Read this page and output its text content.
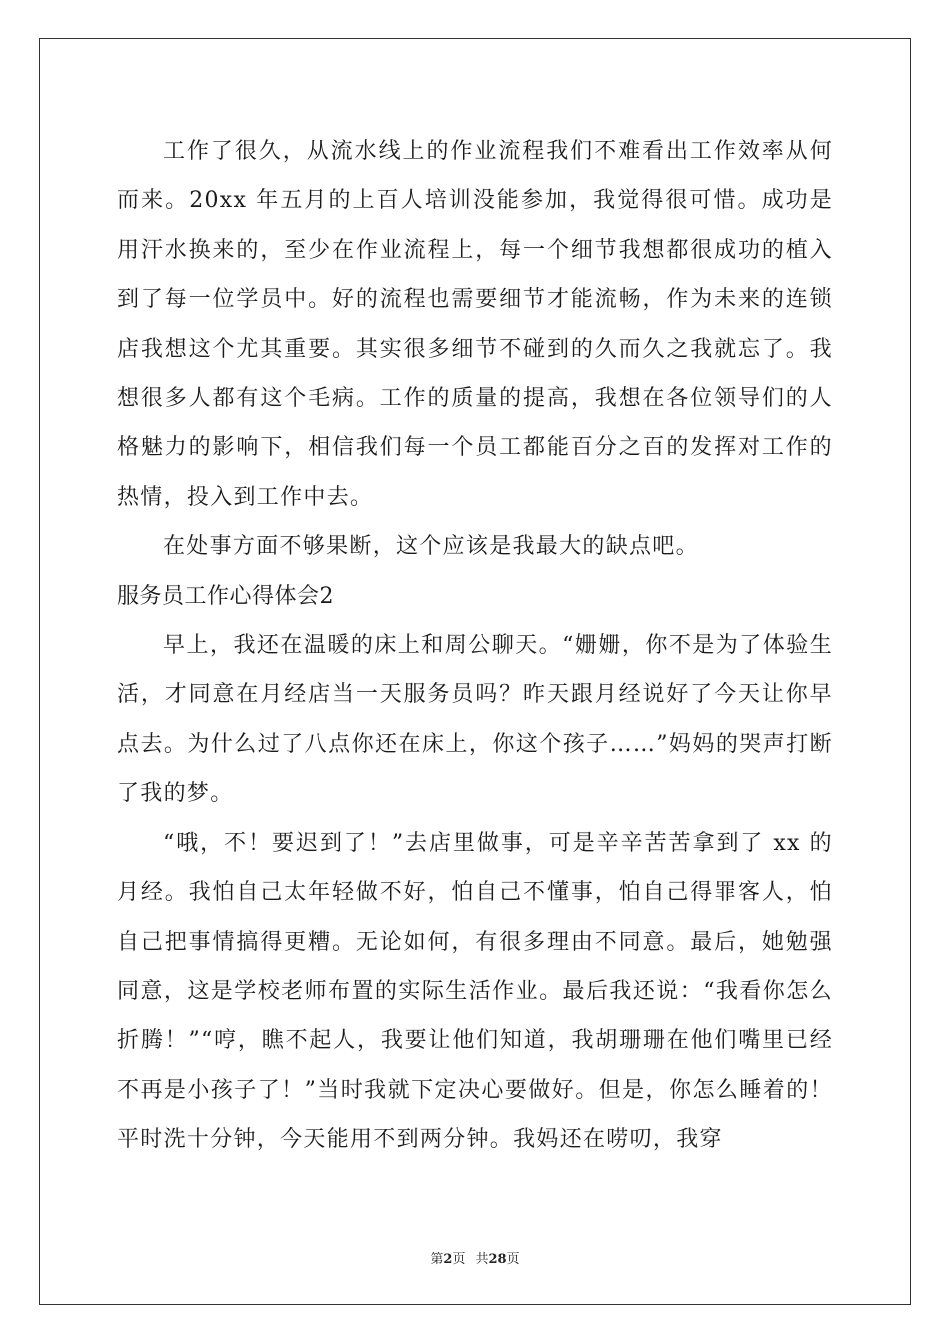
工作了很久，从流水线上的作业流程我们不难看出工作效率从何而来。20xx 年五月的上百人培训没能参加，我觉得很可惜。成功是用汗水换来的，至少在作业流程上，每一个细节我想都很成功的植入到了每一位学员中。好的流程也需要细节才能流畅，作为未来的连锁店我想这个尤其重要。其实很多细节不碰到的久而久之我就忘了。我想很多人都有这个毛病。工作的质量的提高，我想在各位领导们的人格魅力的影响下，相信我们每一个员工都能百分之百的发挥对工作的热情，投入到工作中去。

在处事方面不够果断，这个应该是我最大的缺点吧。

服务员工作心得体会2

早上，我还在温暖的床上和周公聊天。“姗姗，你不是为了体验生活，才同意在月经店当一天服务员吗？昨天跟月经说好了今天让你早点去。为什么过了八点你还在床上，你这个孩子……”妈妈的哭声打断了我的梦。

“哦，不！要迟到了！”去店里做事，可是辛辛苦苦拿到了 xx 的月经。我怕自己太年轻做不好，怕自己不懂事，怕自己得罪客人，怕自己把事情搞得更糟。无论如何，有很多理由不同意。最后，她勉强同意，这是学校老师布置的实际生活作业。最后我还说：“我看你怎么折腾！”“哼，瞧不起人，我要让他们知道，我胡珊珊在他们嘴里已经不再是小孩子了！”当时我就下定决心要做好。但是，你怎么睡着的！平时洗十分钟，今天能用不到两分钟。我妈还在唠叨，我穿

第2页 共28页
